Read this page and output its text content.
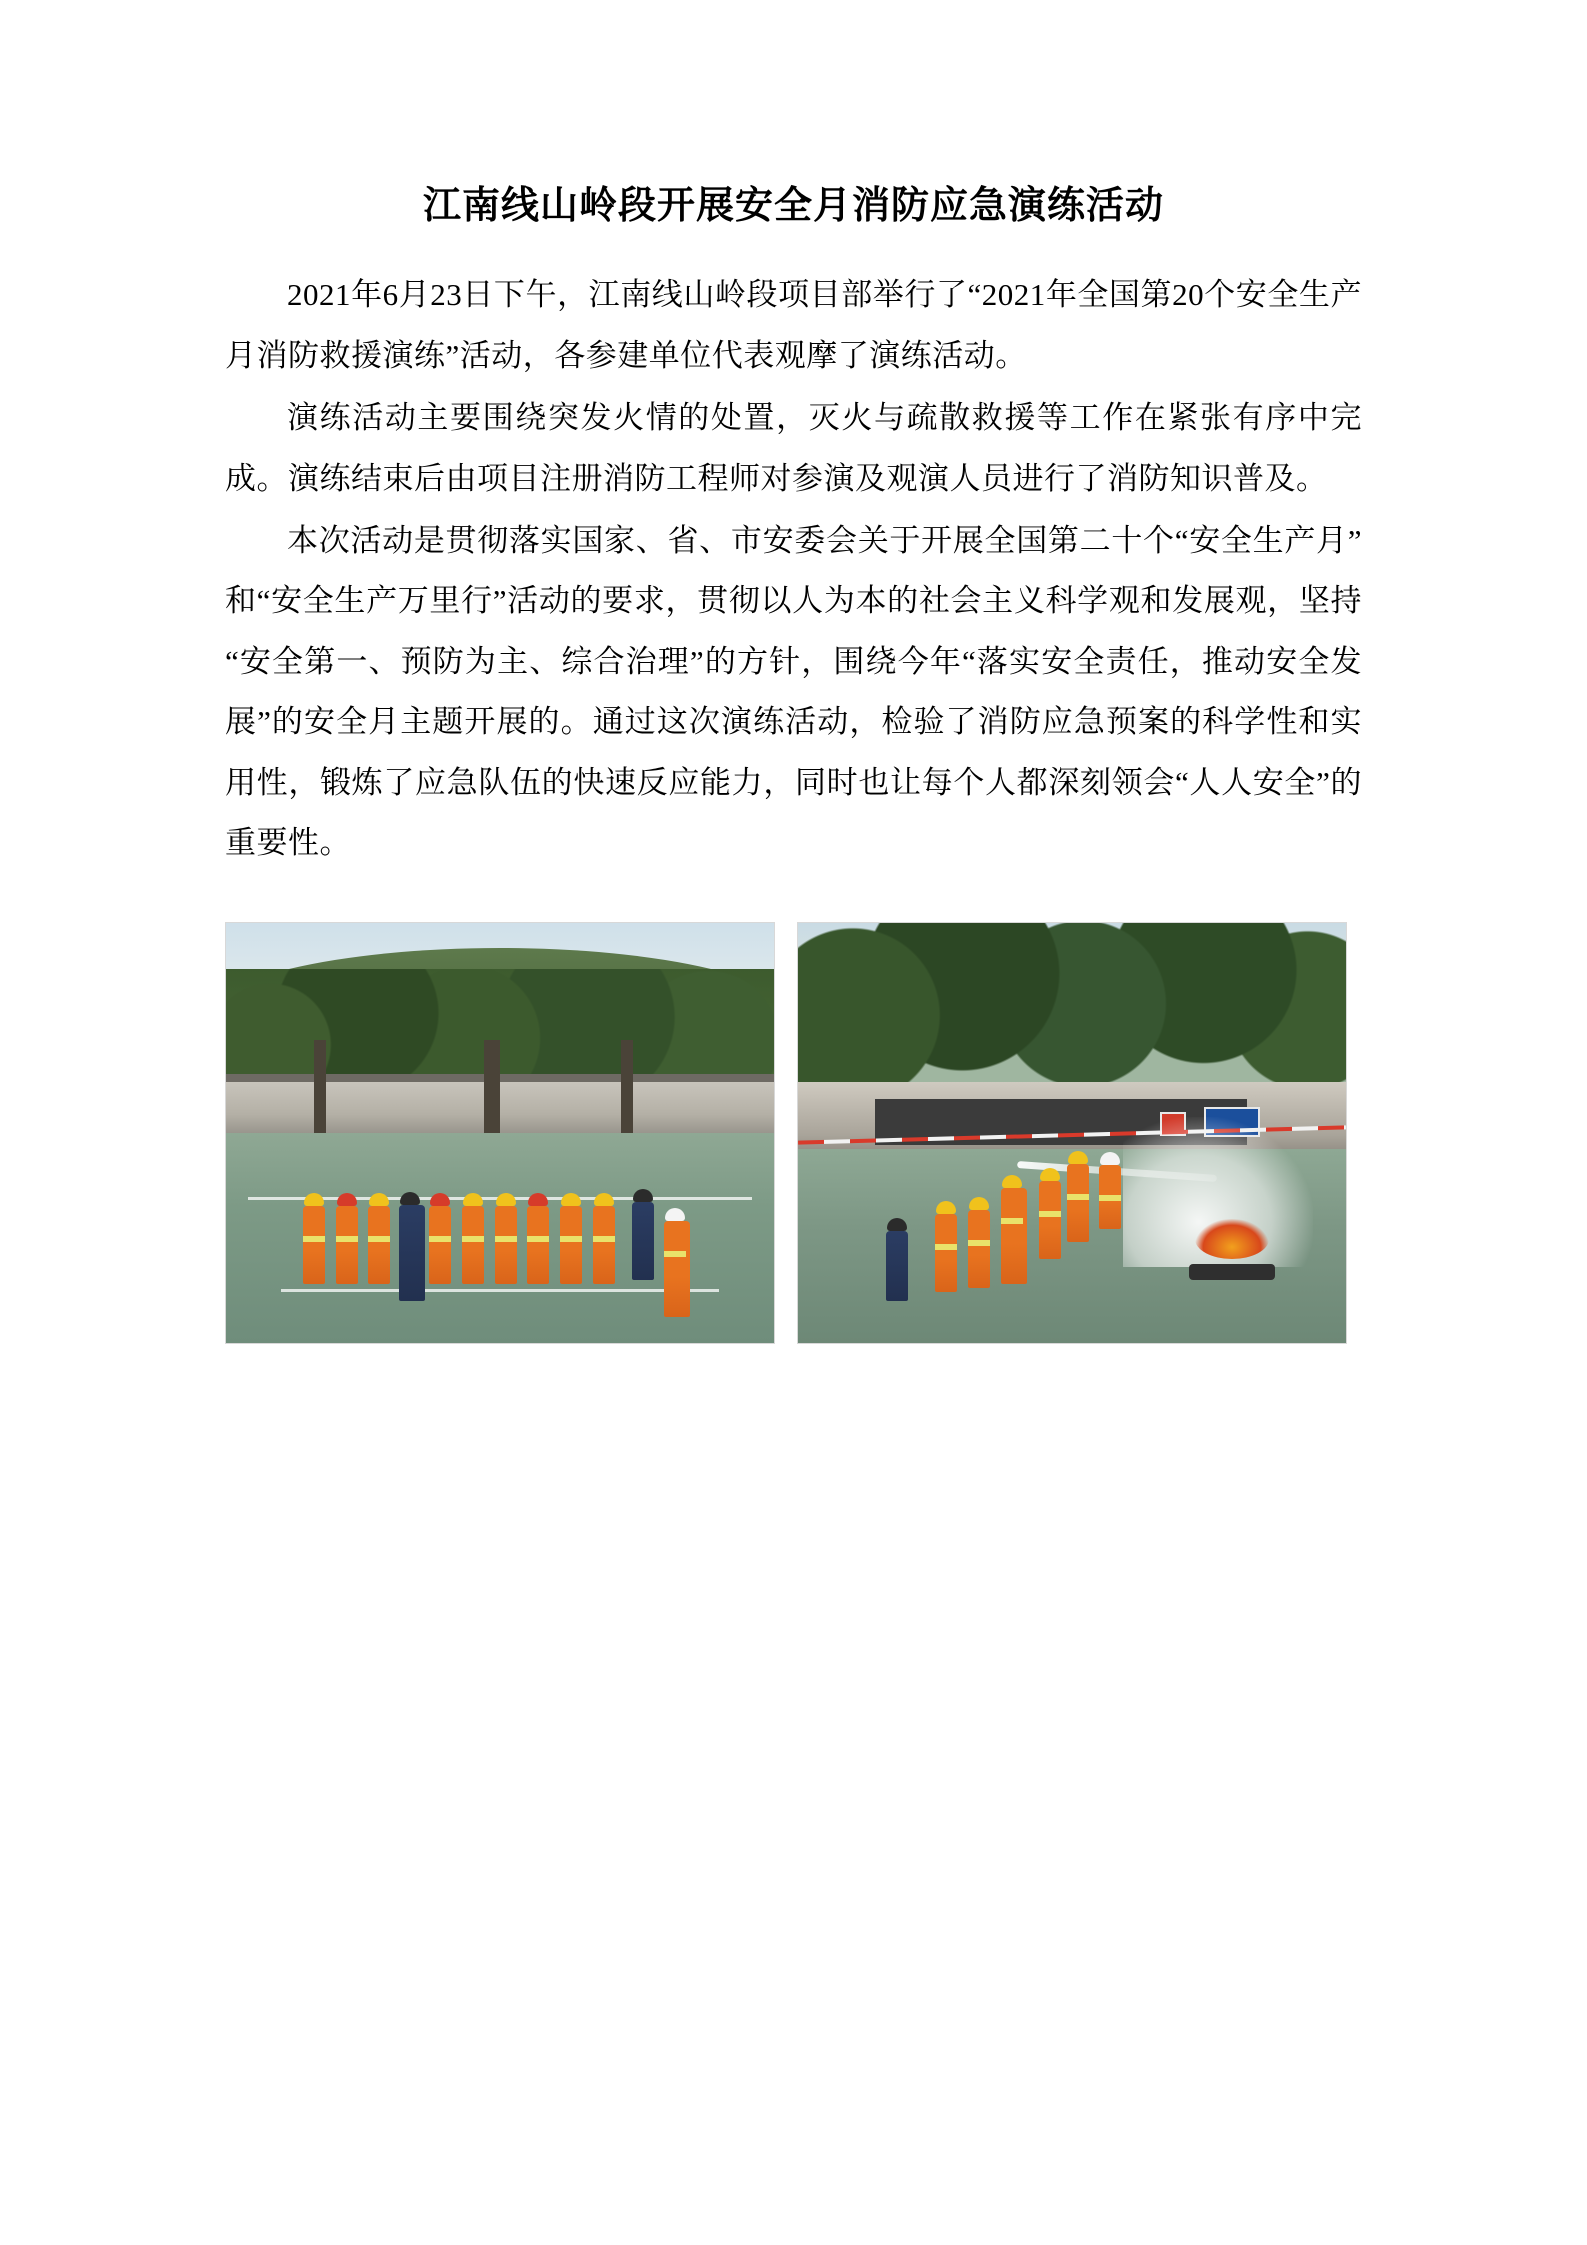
江南线山岭段开展安全月消防应急演练活动

2021年6月23日下午，江南线山岭段项目部举行了“2021年全国第20个安全生产月消防救援演练”活动，各参建单位代表观摩了演练活动。

演练活动主要围绕突发火情的处置，灭火与疏散救援等工作在紧张有序中完成。演练结束后由项目注册消防工程师对参演及观演人员进行了消防知识普及。

本次活动是贯彻落实国家、省、市安委会关于开展全国第二十个“安全生产月”和“安全生产万里行”活动的要求，贯彻以人为本的社会主义科学观和发展观，坚持“安全第一、预防为主、综合治理”的方针，围绕今年“落实安全责任，推动安全发展”的安全月主题开展的。通过这次演练活动，检验了消防应急预案的科学性和实用性，锻炼了应急队伍的快速反应能力，同时也让每个人都深刻领会“人人安全”的重要性。
